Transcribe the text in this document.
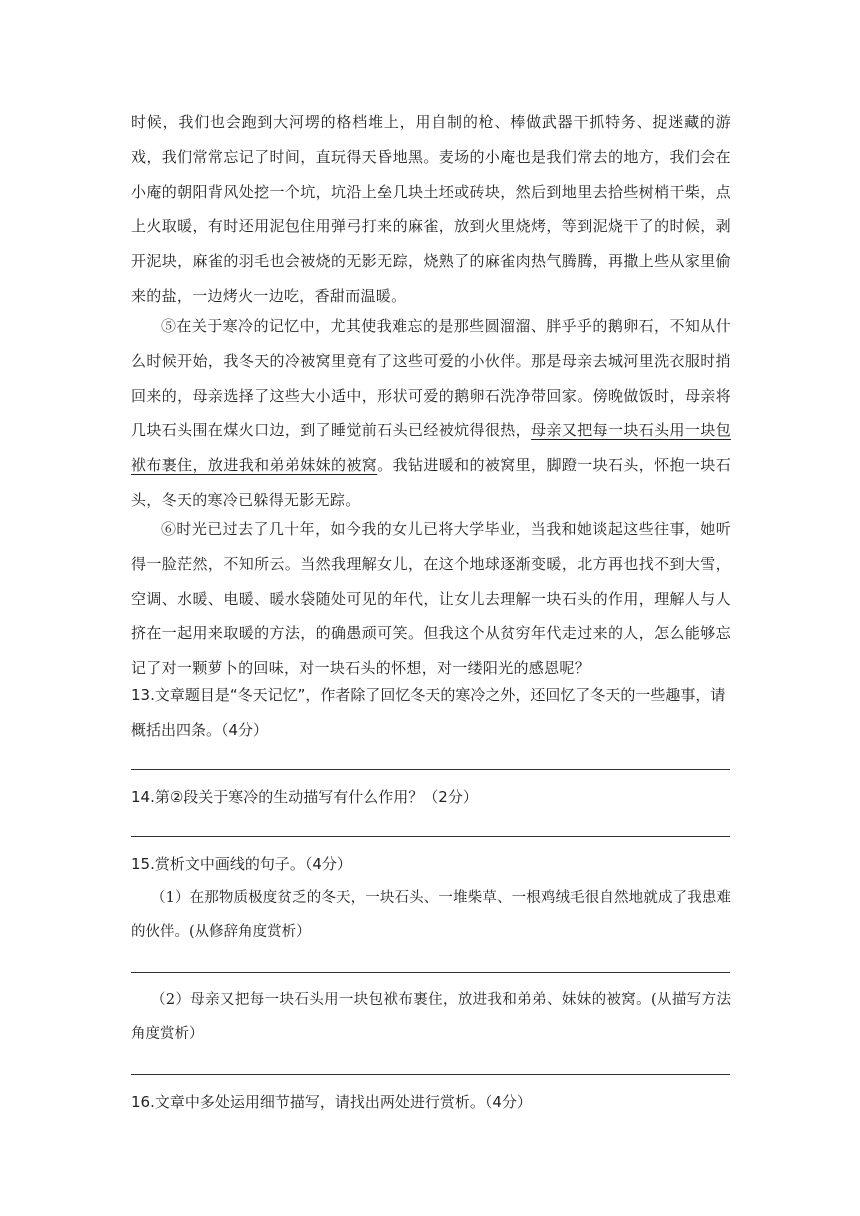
时候，我们也会跑到大河塄的格档堆上，用自制的枪、棒做武器干抓特务、捉迷藏的游戏，我们常常忘记了时间，直玩得天昏地黑。麦场的小庵也是我们常去的地方，我们会在小庵的朝阳背风处挖一个坑，坑沿上垒几块土坯或砖块，然后到地里去拾些树梢干柴，点上火取暖，有时还用泥包住用弹弓打来的麻雀，放到火里烧烤，等到泥烧干了的时候，剥开泥块，麻雀的羽毛也会被烧的无影无踪，烧熟了的麻雀肉热气腾腾，再撒上些从家里偷来的盐，一边烤火一边吃，香甜而温暖。

⑤在关于寒冷的记忆中，尤其使我难忘的是那些圆溜溜、胖乎乎的鹅卵石，不知从什么时候开始，我冬天的冷被窝里竟有了这些可爱的小伙伴。那是母亲去城河里洗衣服时捎回来的，母亲选择了这些大小适中，形状可爱的鹅卵石洗净带回家。傍晚做饭时，母亲将几块石头围在煤火口边，到了睡觉前石头已经被炕得很热，母亲又把每一块石头用一块包袱布裹住，放进我和弟弟妹妹的被窝。我钻进暖和的被窝里，脚蹬一块石头，怀抱一块石头，冬天的寒冷已躲得无影无踪。

⑥时光已过去了几十年，如今我的女儿已将大学毕业，当我和她谈起这些往事，她听得一脸茫然，不知所云。当然我理解女儿，在这个地球逐渐变暖，北方再也找不到大雪，空调、水暖、电暖、暖水袋随处可见的年代，让女儿去理解一块石头的作用，理解人与人挤在一起用来取暖的方法，的确愚顽可笑。但我这个从贫穷年代走过来的人，怎么能够忘记了对一颗萝卜的回味，对一块石头的怀想，对一缕阳光的感恩呢？

13.文章题目是“冬天记忆”，作者除了回忆冬天的寒冷之外，还回忆了冬天的一些趣事，请概括出四条。（4分）

14.第②段关于寒冷的生动描写有什么作用？（2分）

15.赏析文中画线的句子。（4分）

（1）在那物质极度贫乏的冬天，一块石头、一堆柴草、一根鸡绒毛很自然地就成了我患难的伙伴。(从修辞角度赏析）

（2）母亲又把每一块石头用一块包袱布裹住，放进我和弟弟、妹妹的被窝。(从描写方法角度赏析）

16.文章中多处运用细节描写，请找出两处进行赏析。（4分）
